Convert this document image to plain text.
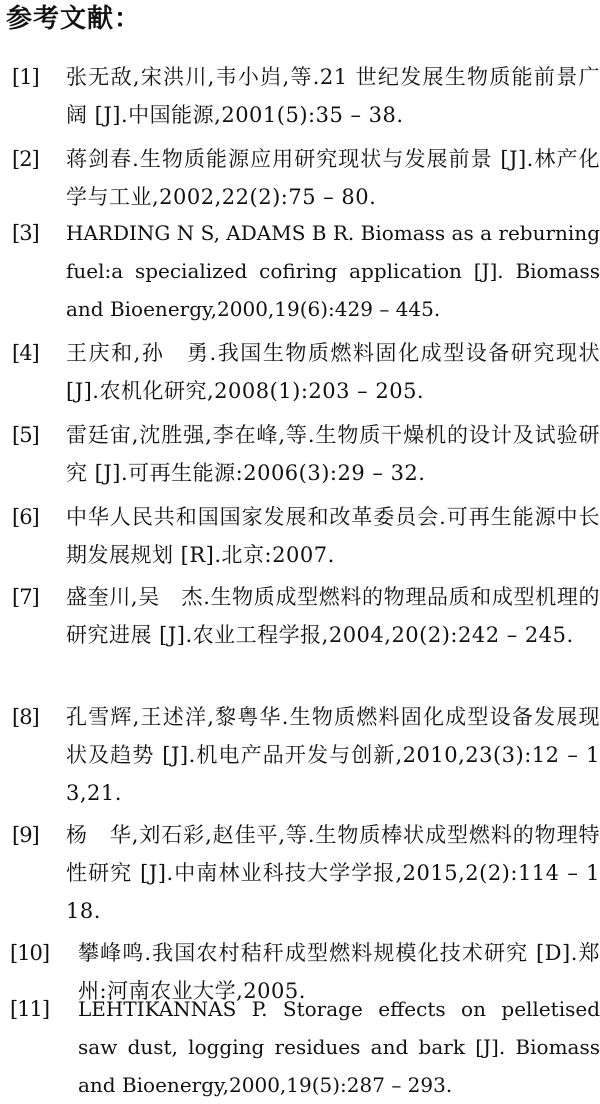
参考文献：
[1] 张无敌,宋洪川,韦小岿,等.21 世纪发展生物质能前景广阔 [J].中国能源,2001(5):35 – 38.
[2] 蒋剑春.生物质能源应用研究现状与发展前景 [J].林产化学与工业,2002,22(2):75 – 80.
[3] HARDING N S, ADAMS B R. Biomass as a reburning fuel:a specialized cofiring application [J]. Biomass and Bioenergy,2000,19(6):429 – 445.
[4] 王庆和,孙　勇.我国生物质燃料固化成型设备研究现状 [J].农机化研究,2008(1):203 – 205.
[5] 雷廷宙,沈胜强,李在峰,等.生物质干燥机的设计及试验研究 [J].可再生能源:2006(3):29 – 32.
[6] 中华人民共和国国家发展和改革委员会.可再生能源中长期发展规划 [R].北京:2007.
[7] 盛奎川,吴　杰.生物质成型燃料的物理品质和成型机理的研究进展 [J].农业工程学报,2004,20(2):242 – 245.
[8] 孔雪辉,王述洋,黎粤华.生物质燃料固化成型设备发展现状及趋势 [J].机电产品开发与创新,2010,23(3):12 – 13,21.
[9] 杨　华,刘石彩,赵佳平,等.生物质棒状成型燃料的物理特性研究 [J].中南林业科技大学学报,2015,2(2):114 – 118.
[10] 攀峰鸣.我国农村秸秆成型燃料规模化技术研究 [D].郑州:河南农业大学,2005.
[11] LEHTIKANNAS P. Storage effects on pelletised saw dust, logging residues and bark [J]. Biomass and Bioenergy,2000,19(5):287 – 293.
